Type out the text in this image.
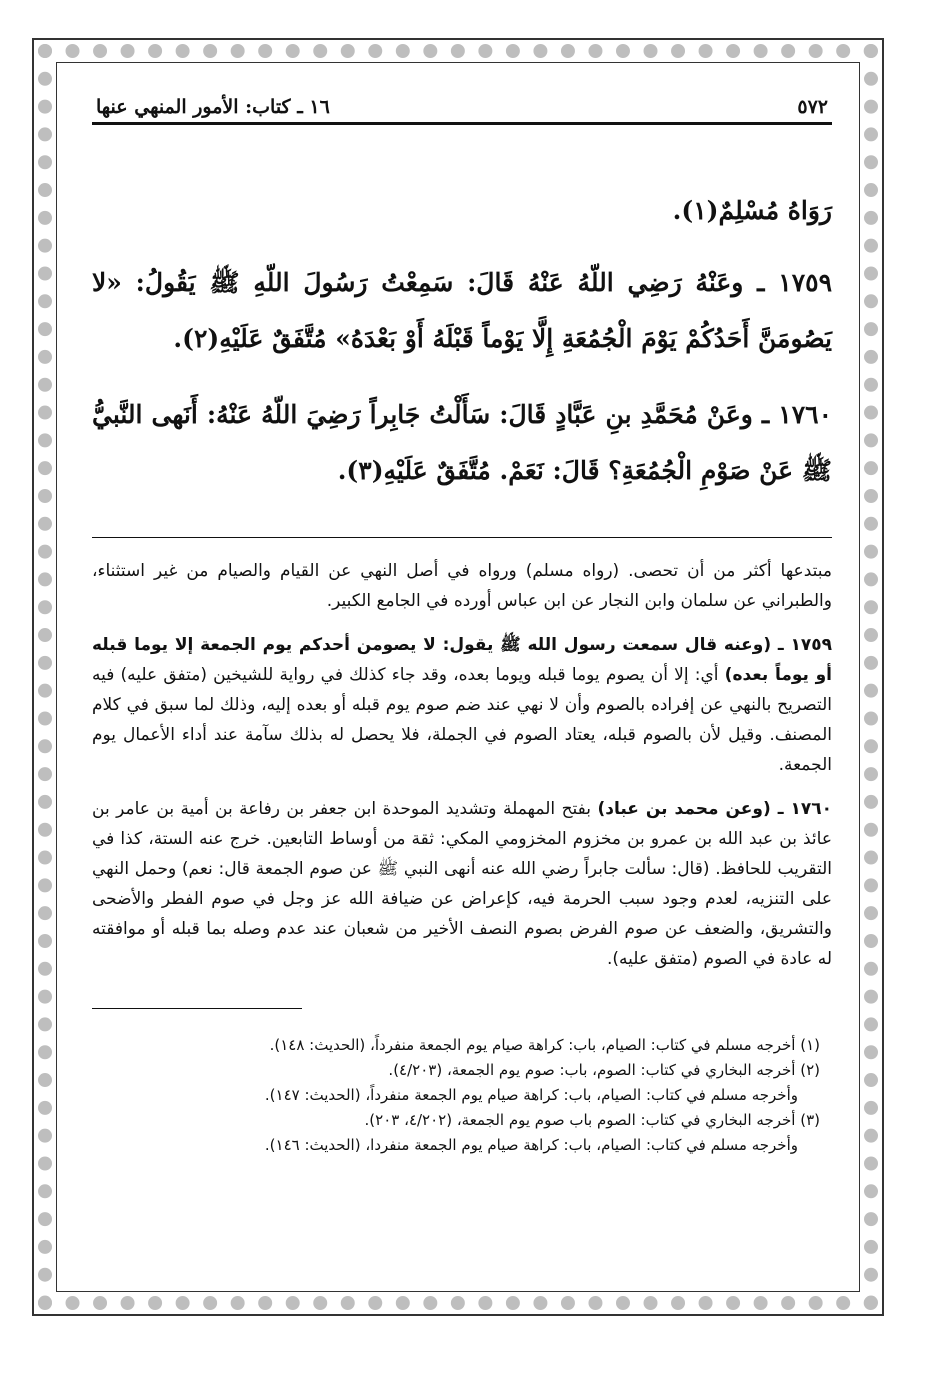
٥٧٢
١٦ ـ كتاب: الأمور المنهي عنها

رَوَاهُ مُسْلِمٌ(١).

١٧٥٩ ـ وعَنْهُ رَضِي اللّهُ عَنْهُ قَالَ: سَمِعْتُ رَسُولَ اللّهِ ﷺ يَقُولُ: «لا يَصُومَنَّ أَحَدُكُمْ يَوْمَ الْجُمُعَةِ إِلَّا يَوْماً قَبْلَهُ أَوْ بَعْدَهُ» مُتَّفَقٌ عَلَيْهِ(٢).

١٧٦٠ ـ وعَنْ مُحَمَّدِ بنِ عَبَّادٍ قَالَ: سَأَلْتُ جَابِراً رَضِيَ اللّهُ عَنْهُ: أَنَهى النَّبيُّ ﷺ عَنْ صَوْمِ الْجُمُعَةِ؟ قَالَ: نَعَمْ. مُتَّفَقٌ عَلَيْهِ(٣).

مبتدعها أكثر من أن تحصى. (رواه مسلم) ورواه في أصل النهي عن القيام والصيام من غير استثناء، والطبراني عن سلمان وابن النجار عن ابن عباس أورده في الجامع الكبير.

١٧٥٩ ـ (وعنه قال سمعت رسول الله ﷺ يقول: لا يصومن أحدكم يوم الجمعة إلا يوما قبله أو يوماً بعده) أي: إلا أن يصوم يوما قبله ويوما بعده، وقد جاء كذلك في رواية للشيخين (متفق عليه) فيه التصريح بالنهي عن إفراده بالصوم وأن لا نهي عند ضم صوم يوم قبله أو بعده إليه، وذلك لما سبق في كلام المصنف. وقيل لأن بالصوم قبله، يعتاد الصوم في الجملة، فلا يحصل له بذلك سآمة عند أداء الأعمال يوم الجمعة.

١٧٦٠ ـ (وعن محمد بن عباد) بفتح المهملة وتشديد الموحدة ابن جعفر بن رفاعة بن أمية بن عامر بن عائذ بن عبد الله بن عمرو بن مخزوم المخزومي المكي: ثقة من أوساط التابعين. خرج عنه الستة، كذا في التقريب للحافظ. (قال: سألت جابراً رضي الله عنه أنهى النبي ﷺ عن صوم الجمعة قال: نعم) وحمل النهي على التنزيه، لعدم وجود سبب الحرمة فيه، كإعراض عن ضيافة الله عز وجل في صوم الفطر والأضحى والتشريق، والضعف عن صوم الفرض بصوم النصف الأخير من شعبان عند عدم وصله بما قبله أو موافقته له عادة في الصوم (متفق عليه).

(١) أخرجه مسلم في كتاب: الصيام، باب: كراهة صيام يوم الجمعة منفرداً، (الحديث: ١٤٨).

(٢) أخرجه البخاري في كتاب: الصوم، باب: صوم يوم الجمعة، (٤/٢٠٣).

وأخرجه مسلم في كتاب: الصيام، باب: كراهة صيام يوم الجمعة منفرداً، (الحديث: ١٤٧).

(٣) أخرجه البخاري في كتاب: الصوم باب صوم يوم الجمعة، (٤/٢٠٢، ٢٠٣).

وأخرجه مسلم في كتاب: الصيام، باب: كراهة صيام يوم الجمعة منفردا، (الحديث: ١٤٦).
